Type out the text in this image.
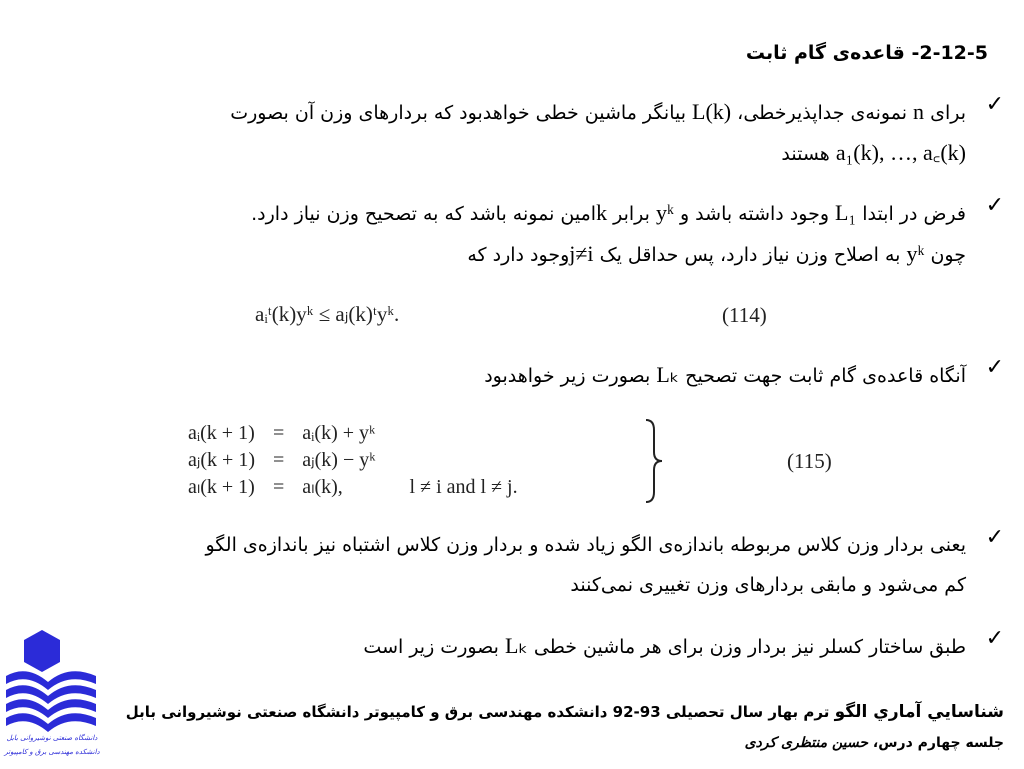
2-12-5- قاعده‌ی گام ثابت
✓
برای n نمونه‌ی جداپذیرخطی، L(k) بیانگر ماشین خطی خواهدبود که بردارهای وزن آن بصورت
a₁(k), …, a꜀(k) هستند
✓
فرض در ابتدا L₁ وجود داشته باشد و yᵏ برابر kامین نمونه باشد که به تصحیح وزن نیاز دارد.
چون yᵏ به اصلاح وزن نیاز دارد، پس حداقل یک j≠iوجود دارد که
aᵢᵗ(k)yᵏ ≤ aⱼ(k)ᵗyᵏ.	(114)
✓
آنگاه قاعده‌ی گام ثابت جهت تصحیح Lₖ بصورت زیر خواهدبود
aᵢ(k + 1)	=	aᵢ(k) + yᵏ	
aⱼ(k + 1)	=	aⱼ(k) − yᵏ	
aₗ(k + 1)	=	aₗ(k),	l ≠ i and l ≠ j.
(115)
✓
یعنی بردار وزن کلاس مربوطه باندازه‌ی الگو زیاد شده و بردار وزن کلاس اشتباه نیز باندازه‌ی الگو
کم می‌شود و مابقی بردارهای وزن تغییری نمی‌کنند
✓
طبق ساختار کسلر نیز بردار وزن برای هر ماشین خطی Lₖ بصورت زیر است
دانشگاه صنعتی نوشیروانی بابل
دانشکده مهندسی برق و کامپیوتر
شناسايي آماري الگو ترم بهار سال تحصیلی 93-92 دانشکده مهندسی برق و کامپیوتر دانشگاه صنعتی نوشیروانی بابل
جلسه چهارم درس، حسین منتظری کردی
